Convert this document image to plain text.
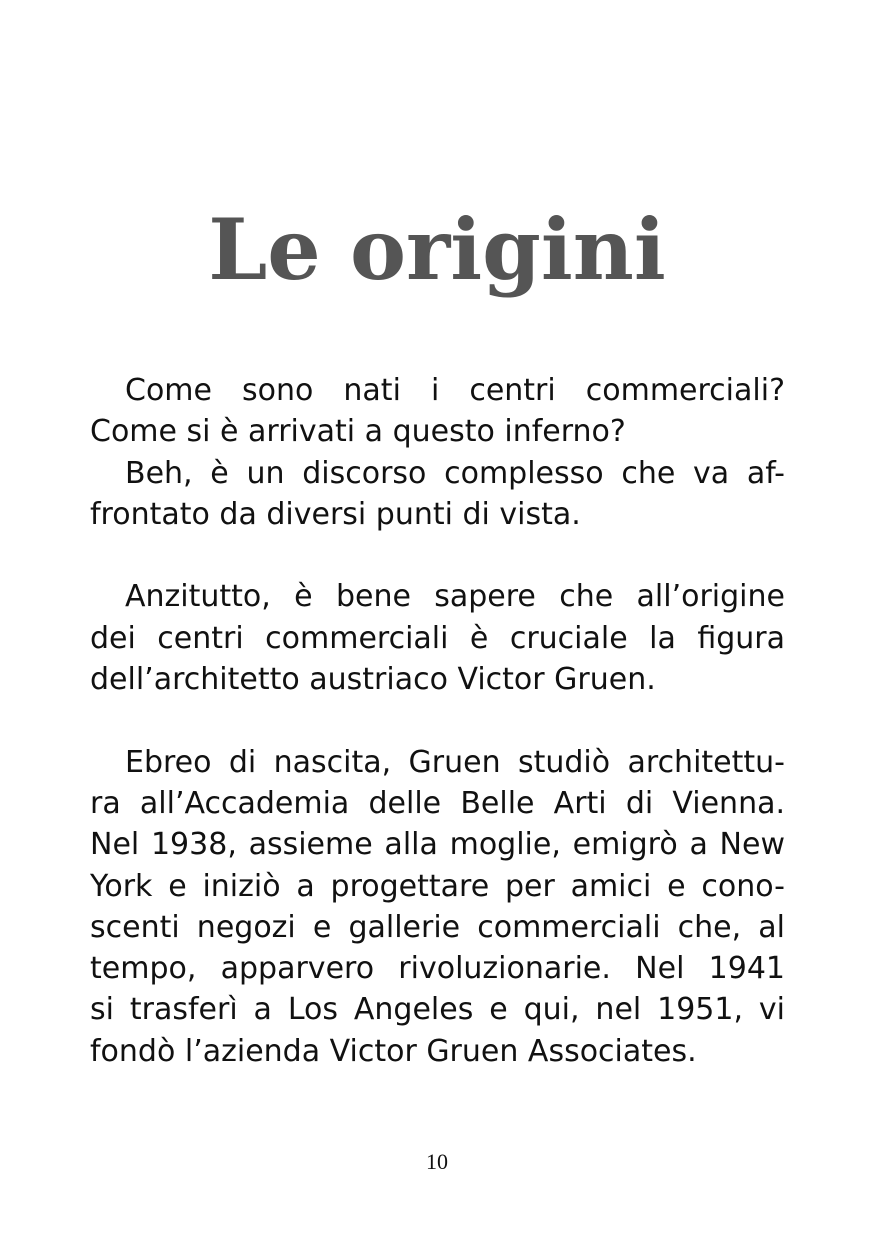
Le origini

Come sono nati i centri commerciali?
Come si è arrivati a questo inferno?

Beh, è un discorso complesso che va af-
frontato da diversi punti di vista.

Anzitutto, è bene sapere che all’origine
dei centri commerciali è cruciale la figura
dell’architetto austriaco Victor Gruen.

Ebreo di nascita, Gruen studiò architettu-
ra all’Accademia delle Belle Arti di Vienna.
Nel 1938, assieme alla moglie, emigrò a New
York e iniziò a progettare per amici e cono-
scenti negozi e gallerie commerciali che, al
tempo, apparvero rivoluzionarie. Nel 1941
si trasferì a Los Angeles e qui, nel 1951, vi
fondò l’azienda Victor Gruen Associates.

10
